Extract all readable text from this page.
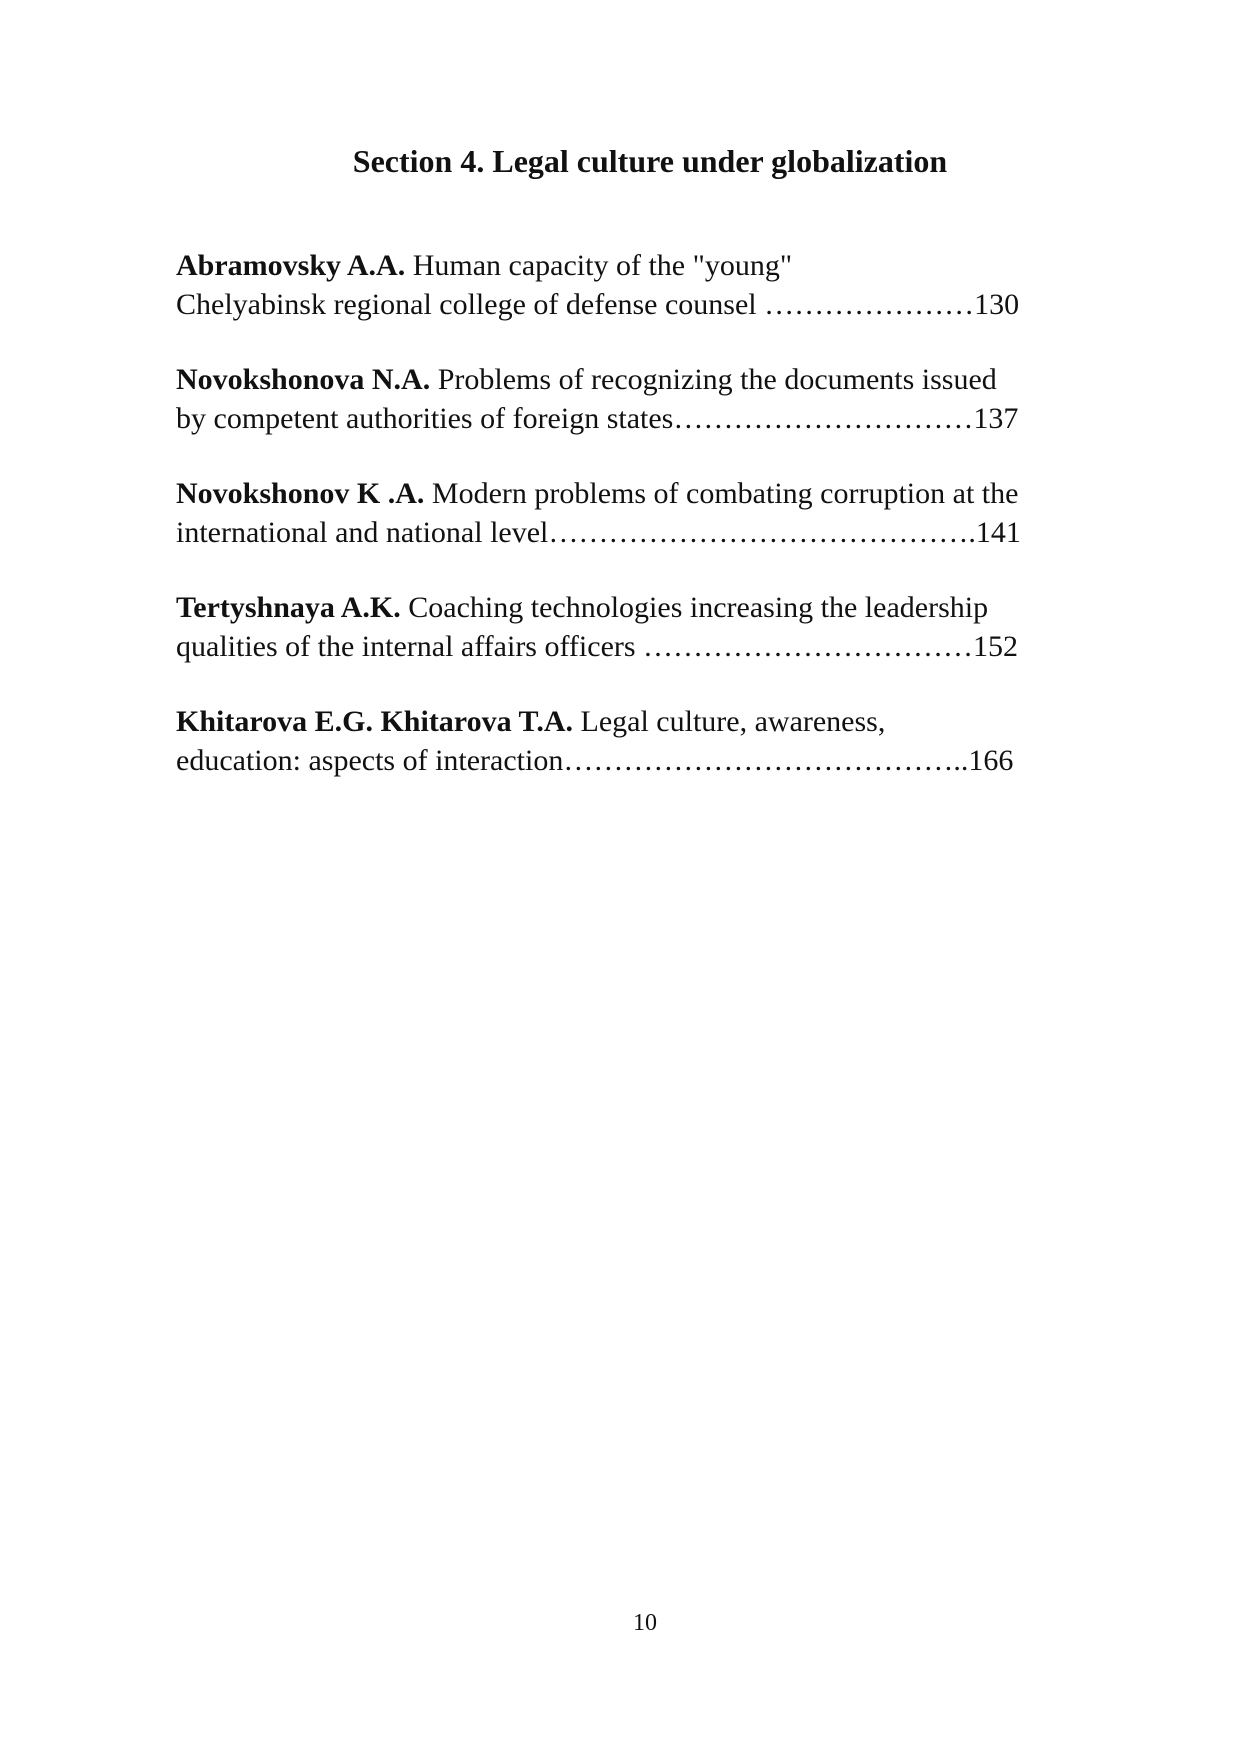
Section 4. Legal culture under globalization
Abramovsky A.A. Human capacity of the "young"
Chelyabinsk regional college of defense counsel …………………130
Novokshonova N.A. Problems of recognizing the documents issued
by competent authorities of foreign states…………………………137
Novokshonov K .A. Modern problems of combating corruption at the
international and national level…………………………………….141
Tertyshnaya A.K. Coaching technologies increasing the leadership
qualities of the internal affairs officers ……………………………152
Khitarova E.G. Khitarova T.A. Legal culture, awareness,
education: aspects of interaction…………………………………..166
10
